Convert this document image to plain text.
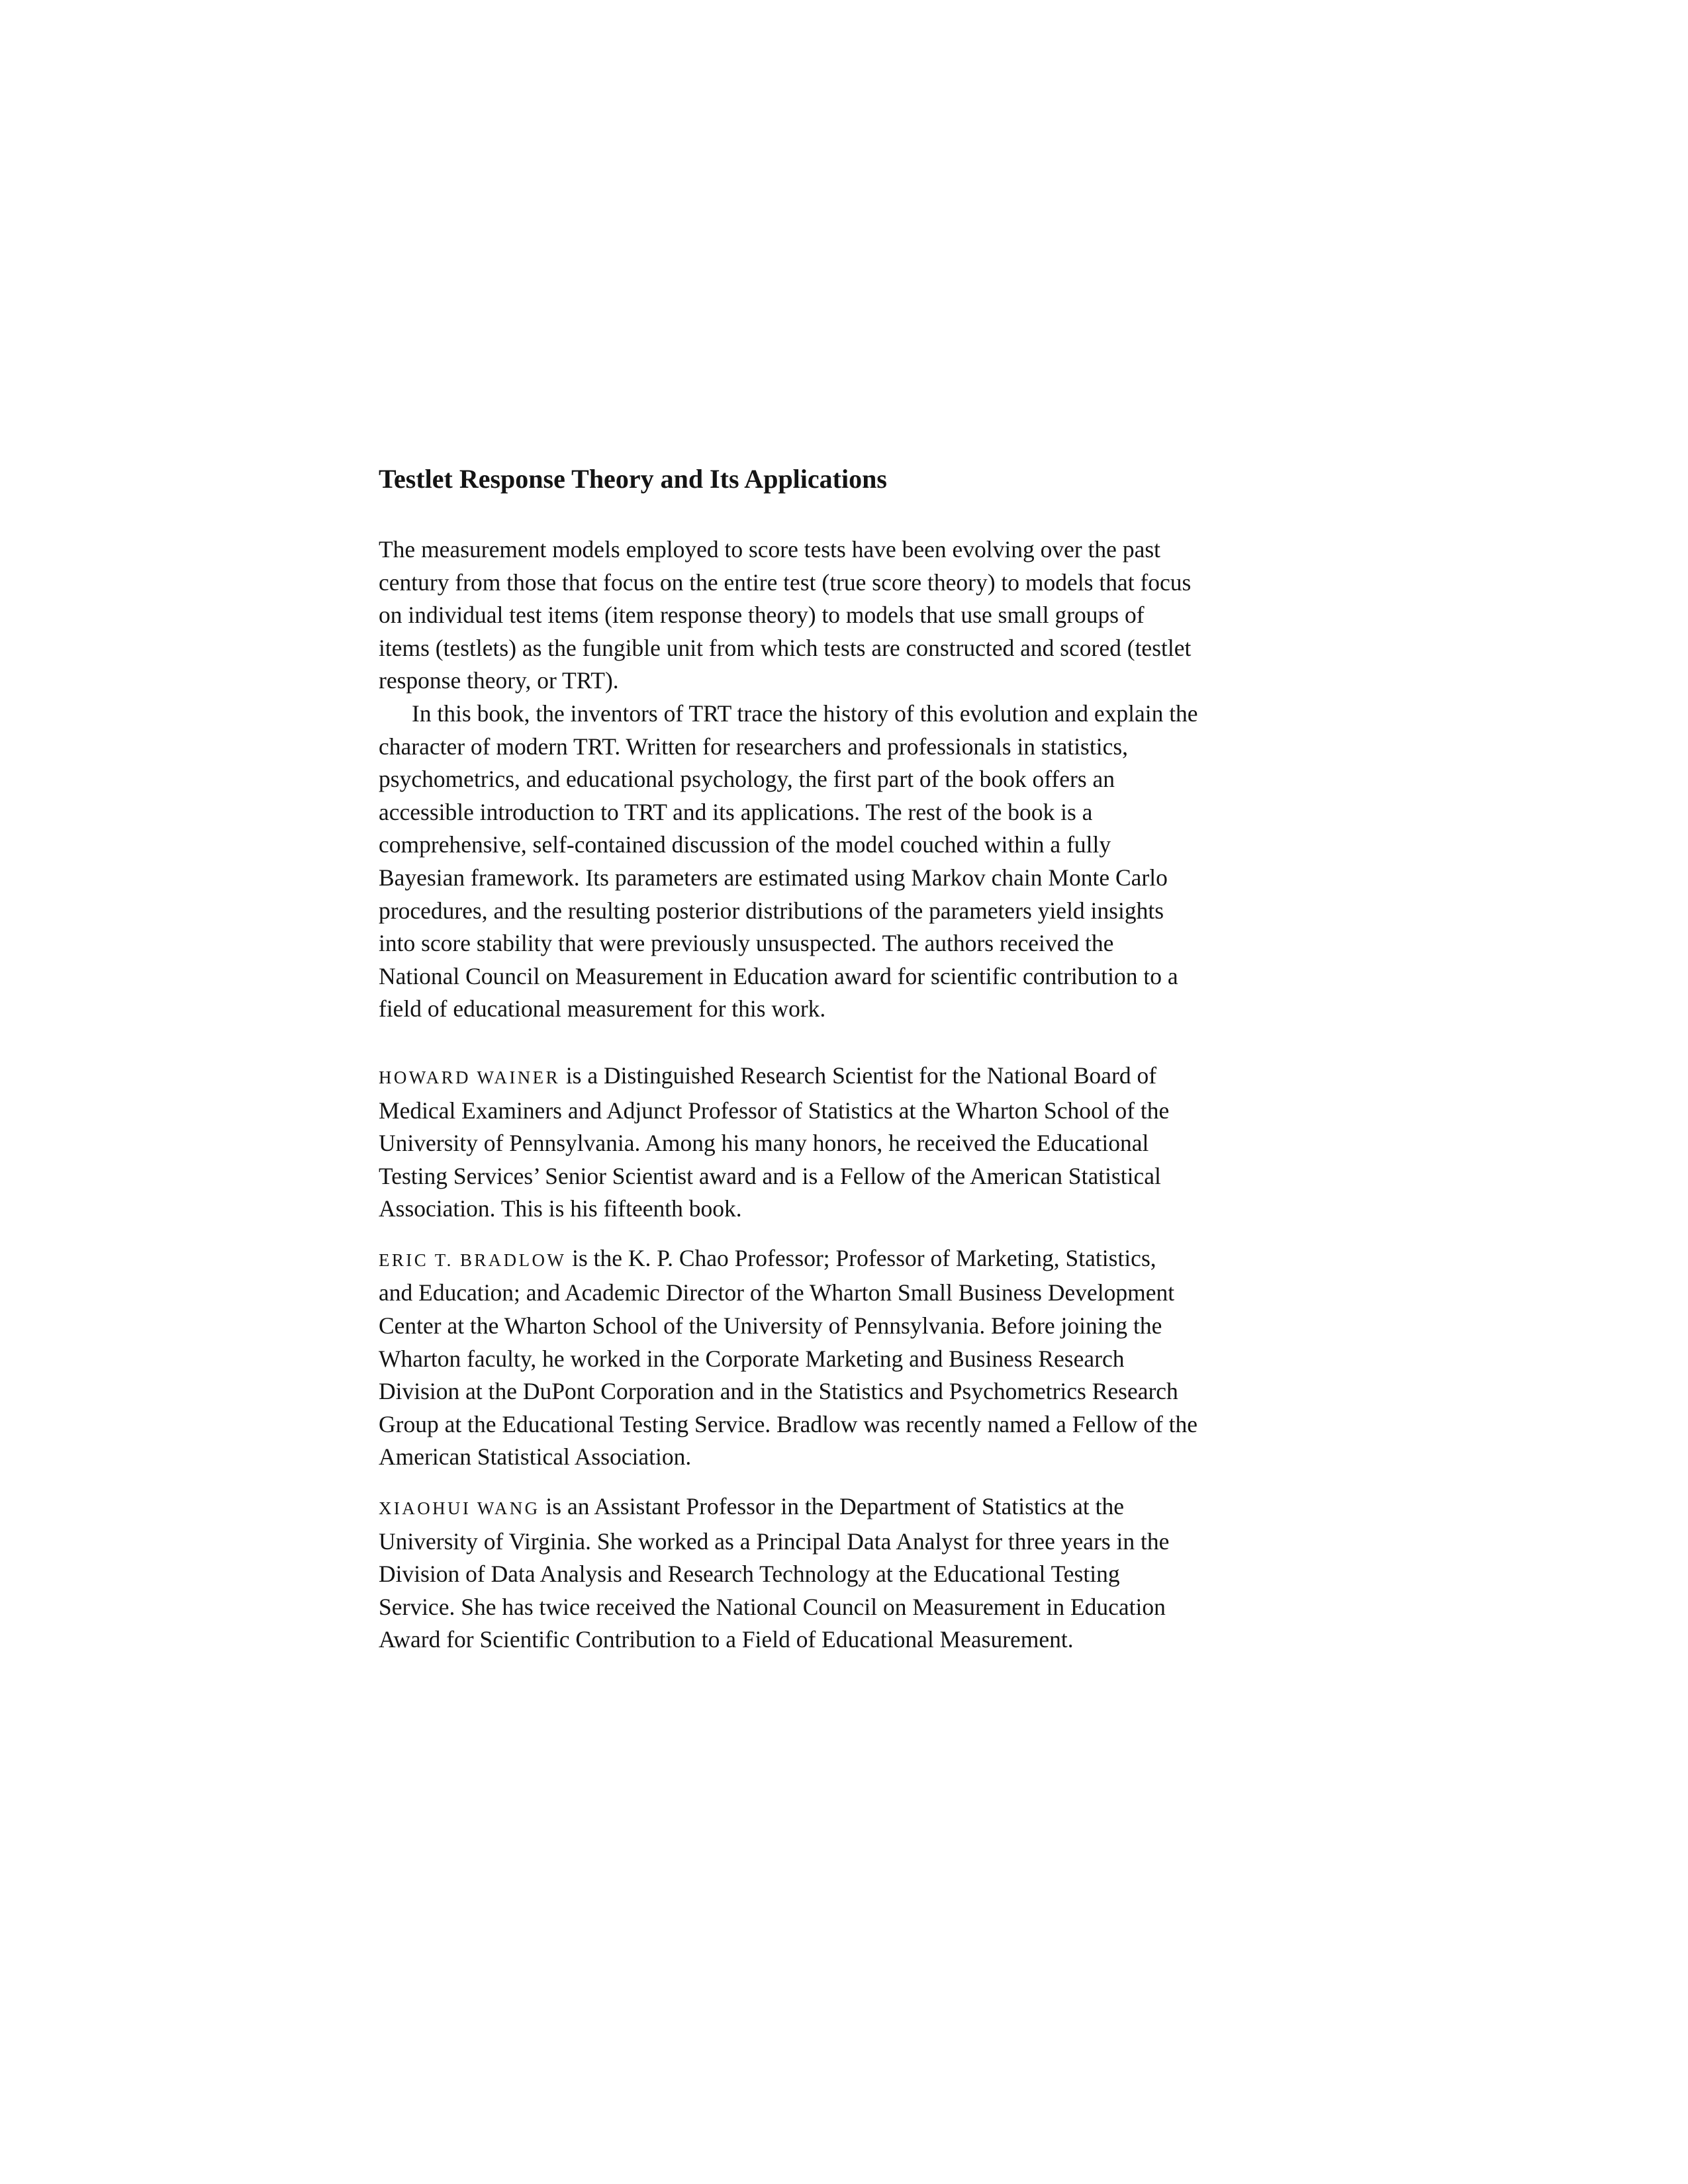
Testlet Response Theory and Its Applications

The measurement models employed to score tests have been evolving over the past
century from those that focus on the entire test (true score theory) to models that focus
on individual test items (item response theory) to models that use small groups of
items (testlets) as the fungible unit from which tests are constructed and scored (testlet
response theory, or TRT).

In this book, the inventors of TRT trace the history of this evolution and explain the
character of modern TRT. Written for researchers and professionals in statistics,
psychometrics, and educational psychology, the first part of the book offers an
accessible introduction to TRT and its applications. The rest of the book is a
comprehensive, self-contained discussion of the model couched within a fully
Bayesian framework. Its parameters are estimated using Markov chain Monte Carlo
procedures, and the resulting posterior distributions of the parameters yield insights
into score stability that were previously unsuspected. The authors received the
National Council on Measurement in Education award for scientific contribution to a
field of educational measurement for this work.

HOWARD WAINER is a Distinguished Research Scientist for the National Board of
Medical Examiners and Adjunct Professor of Statistics at the Wharton School of the
University of Pennsylvania. Among his many honors, he received the Educational
Testing Services’ Senior Scientist award and is a Fellow of the American Statistical
Association. This is his fifteenth book.

ERIC T. BRADLOW is the K. P. Chao Professor; Professor of Marketing, Statistics,
and Education; and Academic Director of the Wharton Small Business Development
Center at the Wharton School of the University of Pennsylvania. Before joining the
Wharton faculty, he worked in the Corporate Marketing and Business Research
Division at the DuPont Corporation and in the Statistics and Psychometrics Research
Group at the Educational Testing Service. Bradlow was recently named a Fellow of the
American Statistical Association.

XIAOHUI WANG is an Assistant Professor in the Department of Statistics at the
University of Virginia. She worked as a Principal Data Analyst for three years in the
Division of Data Analysis and Research Technology at the Educational Testing
Service. She has twice received the National Council on Measurement in Education
Award for Scientific Contribution to a Field of Educational Measurement.
